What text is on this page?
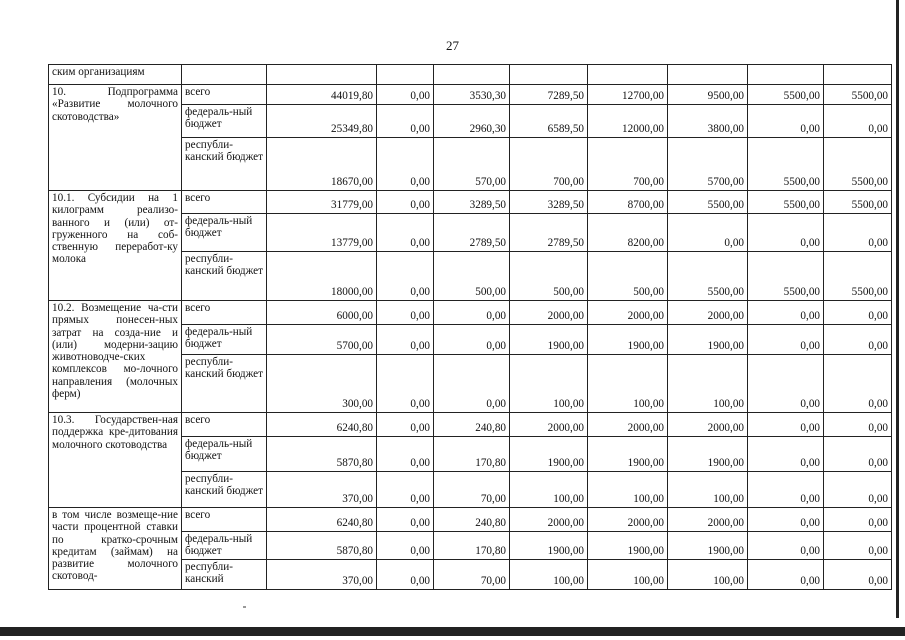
27
ским организациям									
10. Подпрограмма «Развитие молочного скотоводства»	всего	44019,80	0,00	3530,30	7289,50	12700,00	9500,00	5500,00	5500,00
	федераль-ный бюджет	25349,80	0,00	2960,30	6589,50	12000,00	3800,00	0,00	0,00
	республи-канский бюджет	18670,00	0,00	570,00	700,00	700,00	5700,00	5500,00	5500,00
10.1. Субсидии на 1 килограмм реализо-ванного и (или) от-груженного на соб-ственную переработ-ку молока	всего	31779,00	0,00	3289,50	3289,50	8700,00	5500,00	5500,00	5500,00
	федераль-ный бюджет	13779,00	0,00	2789,50	2789,50	8200,00	0,00	0,00	0,00
	республи-канский бюджет	18000,00	0,00	500,00	500,00	500,00	5500,00	5500,00	5500,00
10.2. Возмещение ча-сти прямых понесен-ных затрат на созда-ние и (или) модерни-зацию животноводче-ских комплексов мо-лочного направления (молочных ферм)	всего	6000,00	0,00	0,00	2000,00	2000,00	2000,00	0,00	0,00
	федераль-ный бюджет	5700,00	0,00	0,00	1900,00	1900,00	1900,00	0,00	0,00
	республи-канский бюджет	300,00	0,00	0,00	100,00	100,00	100,00	0,00	0,00
10.3. Государствен-ная поддержка кре-дитования молочного скотоводства	всего	6240,80	0,00	240,80	2000,00	2000,00	2000,00	0,00	0,00
	федераль-ный бюджет	5870,80	0,00	170,80	1900,00	1900,00	1900,00	0,00	0,00
	республи-канский бюджет	370,00	0,00	70,00	100,00	100,00	100,00	0,00	0,00
в том числе возмеще-ние части процентной ставки по кратко-срочным кредитам (займам) на развитие молочного скотовод-	всего	6240,80	0,00	240,80	2000,00	2000,00	2000,00	0,00	0,00
	федераль-ный бюджет	5870,80	0,00	170,80	1900,00	1900,00	1900,00	0,00	0,00
	республи-канский	370,00	0,00	70,00	100,00	100,00	100,00	0,00	0,00
